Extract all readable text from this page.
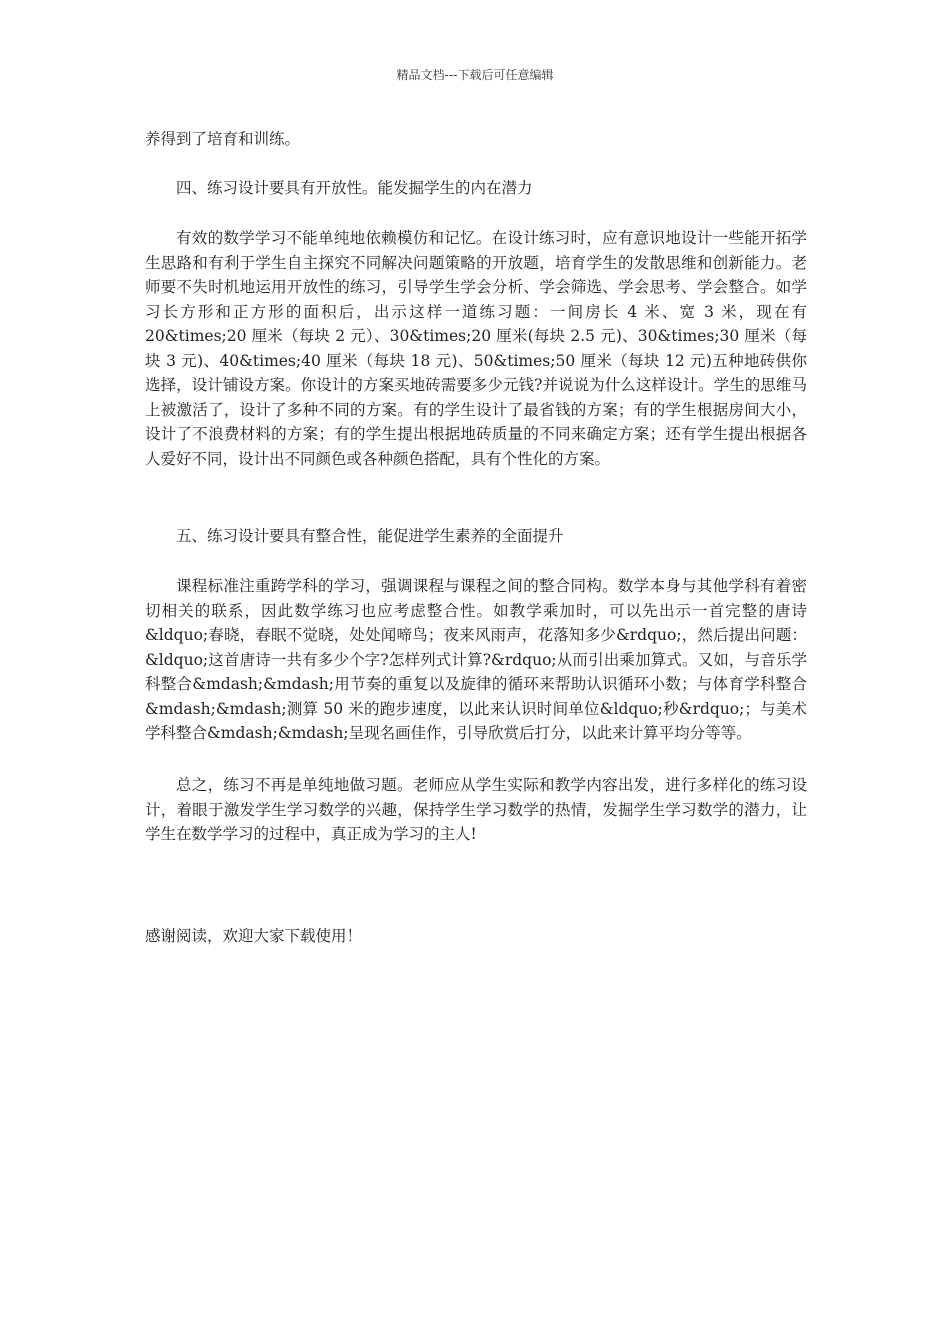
精品文档---下载后可任意编辑

养得到了培育和训练。

四、练习设计要具有开放性。能发掘学生的内在潜力

有效的数学学习不能单纯地依赖模仿和记忆。在设计练习时，应有意识地设计一些能开拓学生思路和有利于学生自主探究不同解决问题策略的开放题，培育学生的发散思维和创新能力。老师要不失时机地运用开放性的练习，引导学生学会分析、学会筛选、学会思考、学会整合。如学习长方形和正方形的面积后，出示这样一道练习题：一间房长 4 米、宽 3 米，现在有 20&times;20 厘米（每块 2 元）、30&times;20 厘米(每块 2.5 元)、30&times;30 厘米（每块 3 元)、40&times;40 厘米（每块 18 元)、50&times;50 厘米（每块 12 元)五种地砖供你选择，设计铺设方案。你设计的方案买地砖需要多少元钱?并说说为什么这样设计。学生的思维马上被激活了，设计了多种不同的方案。有的学生设计了最省钱的方案；有的学生根据房间大小，设计了不浪费材料的方案；有的学生提出根据地砖质量的不同来确定方案；还有学生提出根据各人爱好不同，设计出不同颜色或各种颜色搭配，具有个性化的方案。

五、练习设计要具有整合性，能促进学生素养的全面提升

课程标准注重跨学科的学习，强调课程与课程之间的整合同构。数学本身与其他学科有着密切相关的联系，因此数学练习也应考虑整合性。如教学乘加时，可以先出示一首完整的唐诗&ldquo;春晓，春眠不觉晓，处处闻啼鸟；夜来风雨声，花落知多少&rdquo;，然后提出问题：&ldquo;这首唐诗一共有多少个字?怎样列式计算?&rdquo;从而引出乘加算式。又如，与音乐学科整合&mdash;&mdash;用节奏的重复以及旋律的循环来帮助认识循环小数；与体育学科整合&mdash;&mdash;测算 50 米的跑步速度，以此来认识时间单位&ldquo;秒&rdquo;；与美术学科整合&mdash;&mdash;呈现名画佳作，引导欣赏后打分，以此来计算平均分等等。

总之，练习不再是单纯地做习题。老师应从学生实际和教学内容出发，进行多样化的练习设计，着眼于激发学生学习数学的兴趣，保持学生学习数学的热情，发掘学生学习数学的潜力，让学生在数学学习的过程中，真正成为学习的主人!

感谢阅读，欢迎大家下载使用！
